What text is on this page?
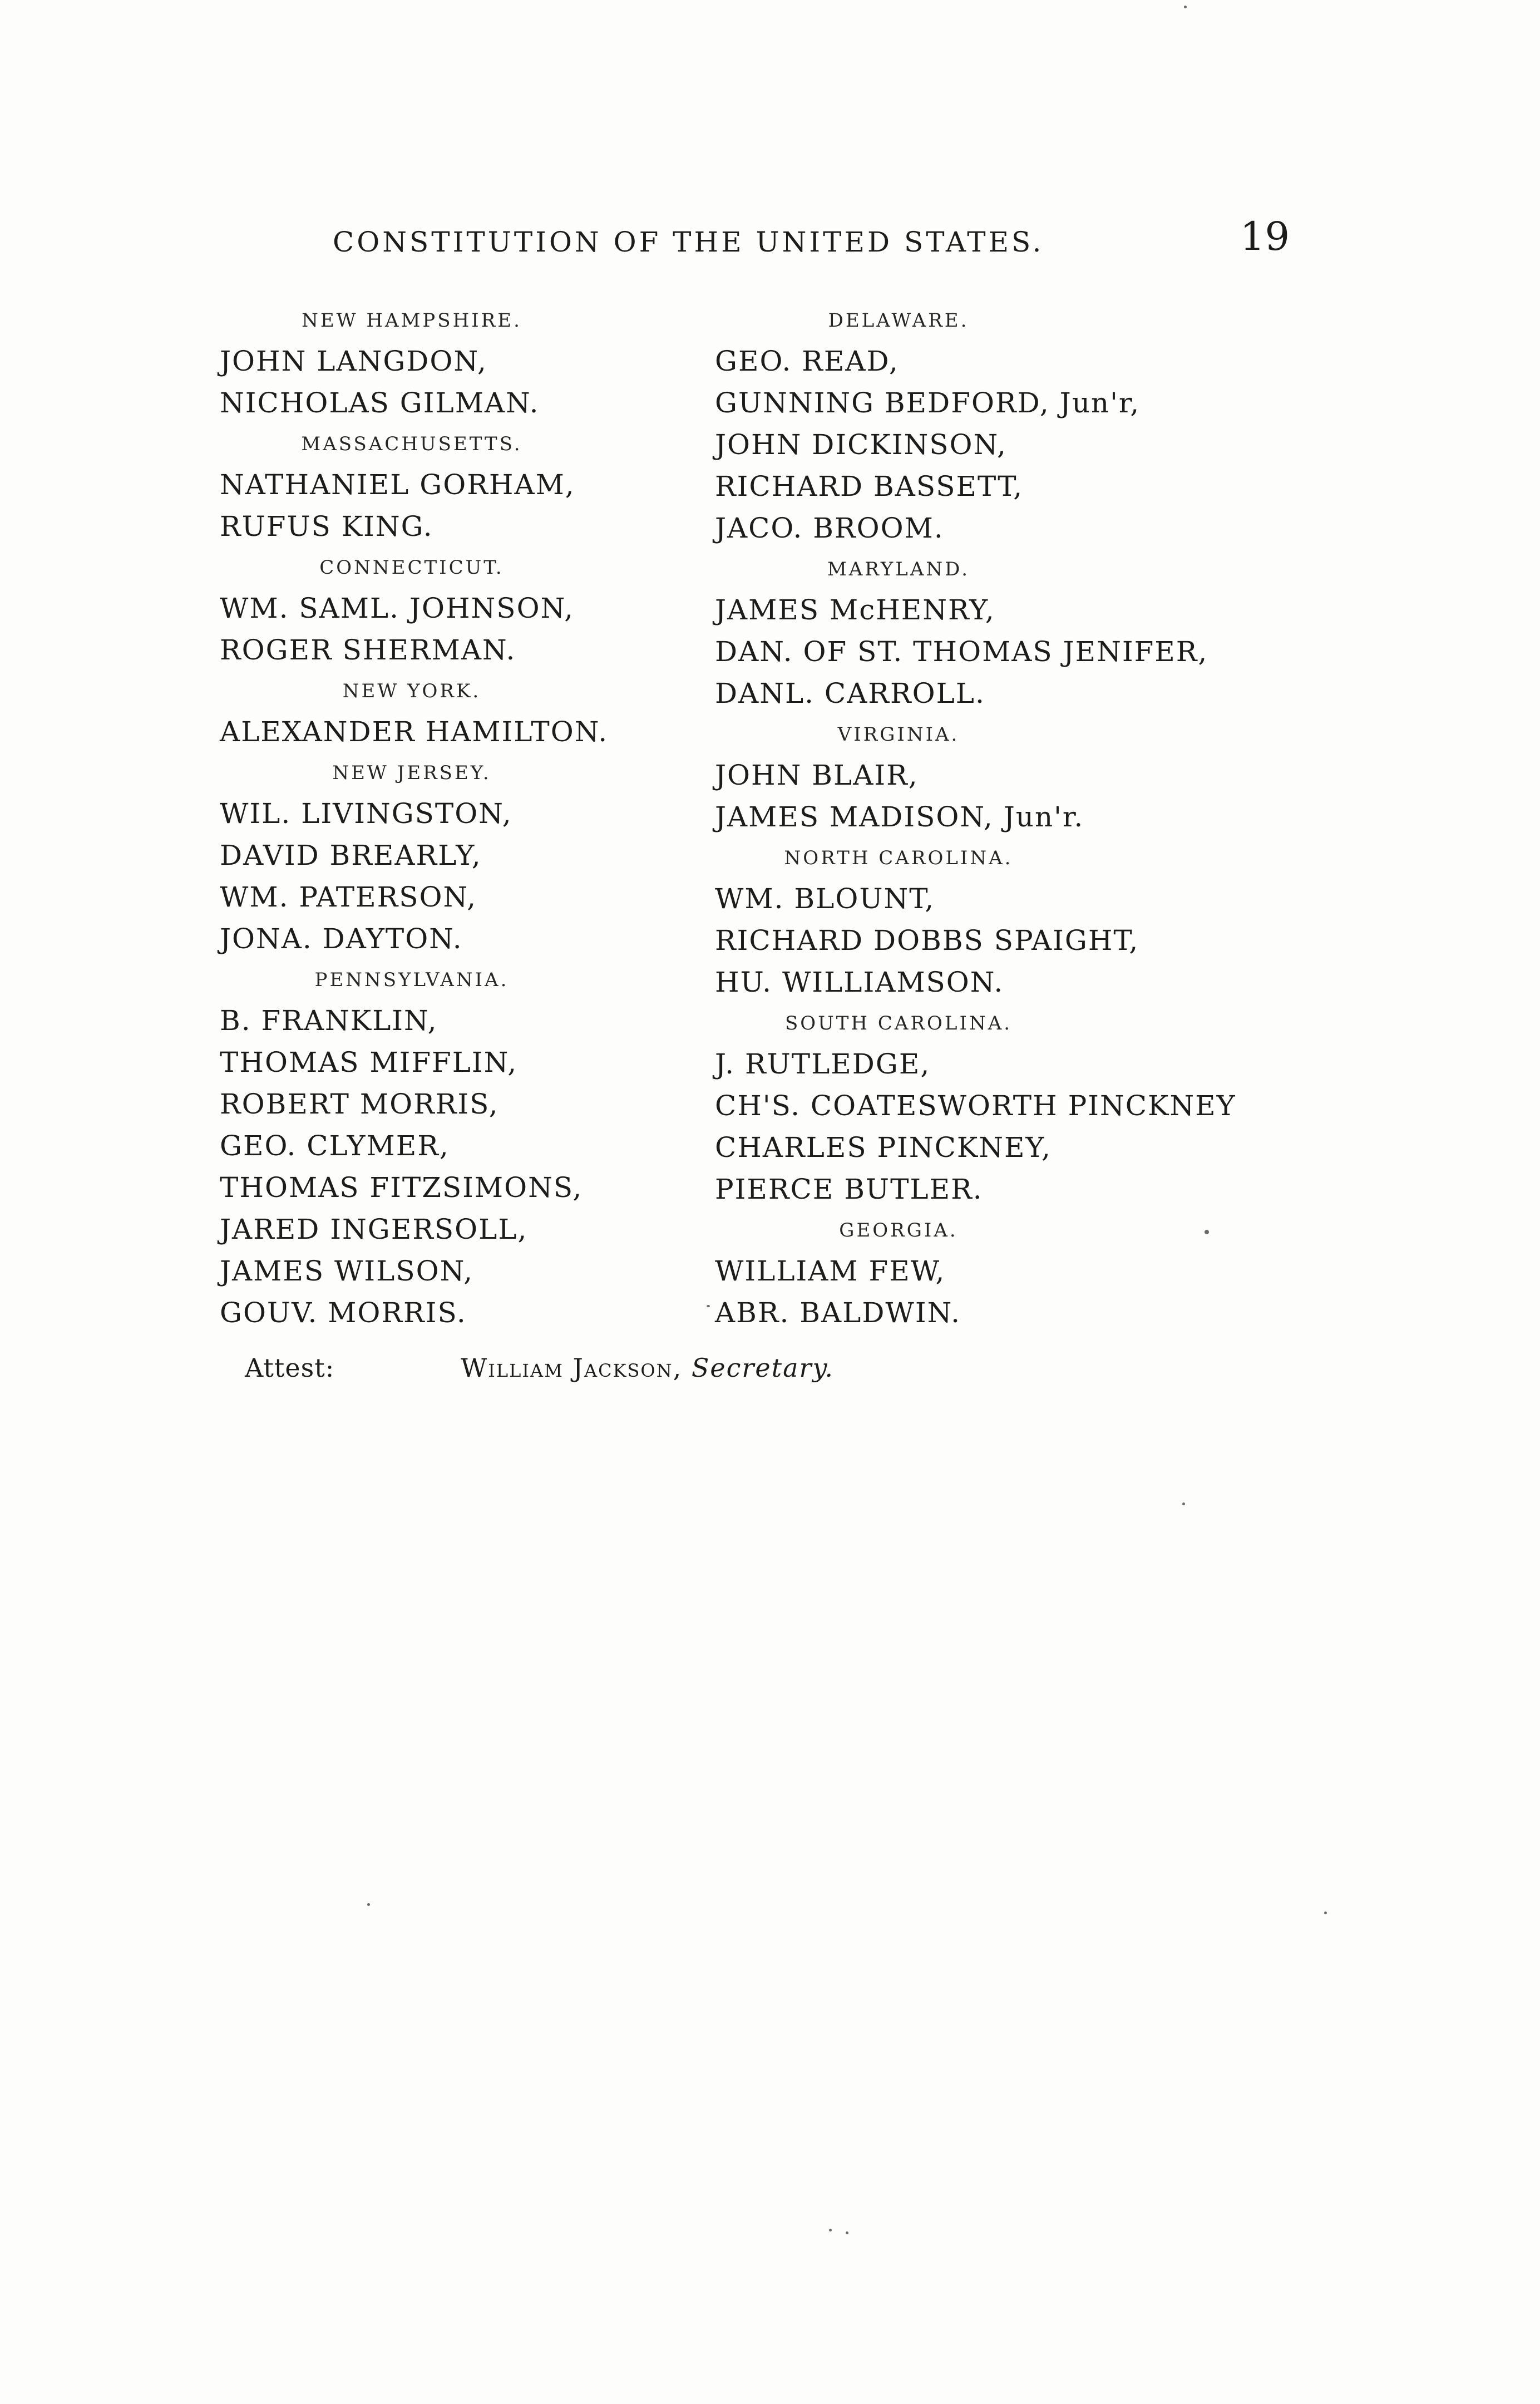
CONSTITUTION OF THE UNITED STATES.	19
NEW HAMPSHIRE.
JOHN LANGDON,
NICHOLAS GILMAN.
MASSACHUSETTS.
NATHANIEL GORHAM,
RUFUS KING.
CONNECTICUT.
WM. SAML. JOHNSON,
ROGER SHERMAN.
NEW YORK.
ALEXANDER HAMILTON.
NEW JERSEY.
WIL. LIVINGSTON,
DAVID BREARLY,
WM. PATERSON,
JONA. DAYTON.
PENNSYLVANIA.
B. FRANKLIN,
THOMAS MIFFLIN,
ROBERT MORRIS,
GEO. CLYMER,
THOMAS FITZSIMONS,
JARED INGERSOLL,
JAMES WILSON,
GOUV. MORRIS.
DELAWARE.
GEO. READ,
GUNNING BEDFORD, Jun'r,
JOHN DICKINSON,
RICHARD BASSETT,
JACO. BROOM.
MARYLAND.
JAMES McHENRY,
DAN. OF ST. THOMAS JENIFER,
DANL. CARROLL.
VIRGINIA.
JOHN BLAIR,
JAMES MADISON, Jun'r.
NORTH CAROLINA.
WM. BLOUNT,
RICHARD DOBBS SPAIGHT,
HU. WILLIAMSON.
SOUTH CAROLINA.
J. RUTLEDGE,
CH'S. COATESWORTH PINCKNEY
CHARLES PINCKNEY,
PIERCE BUTLER.
GEORGIA.
WILLIAM FEW,
ABR. BALDWIN.
Attest:	William Jackson, Secretary.
